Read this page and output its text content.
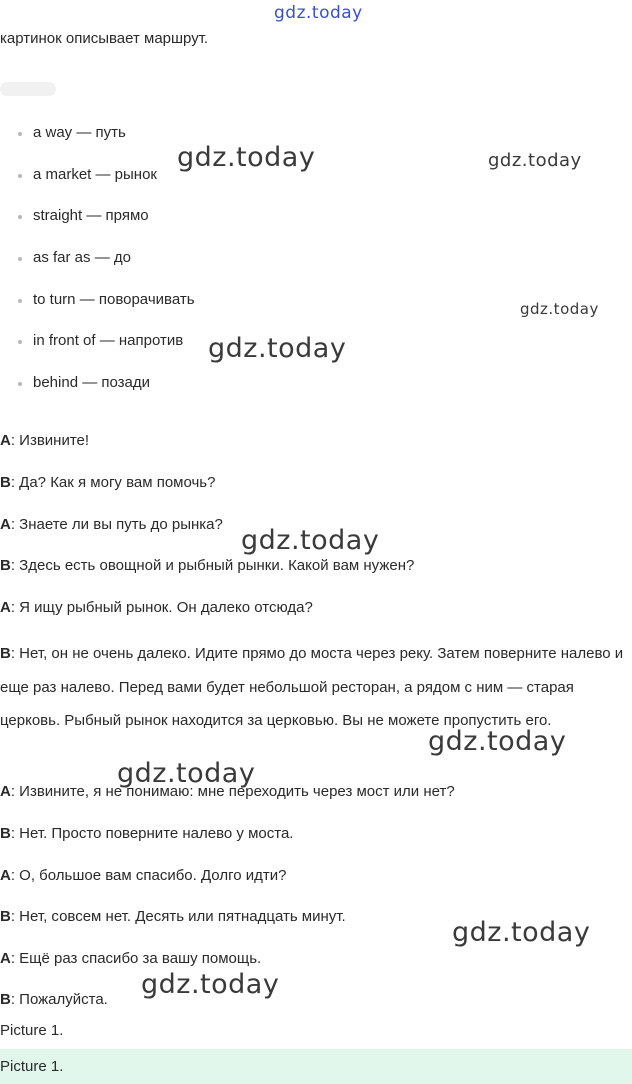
gdz.today
gdz.today	gdz.today
gdz.today
gdz.today
gdz.today
gdz.today
gdz.today
gdz.today
gdz.today
картинок описывает маршрут.
a way — путь
a market — рынок
straight — прямо
as far as — до
to turn — поворачивать
in front of — напротив
behind — позади
A: Извините!
B: Да? Как я могу вам помочь?
A: Знаете ли вы путь до рынка?
B: Здесь есть овощной и рыбный рынки. Какой вам нужен?
A: Я ищу рыбный рынок. Он далеко отсюда?
B: Нет, он не очень далеко. Идите прямо до моста через реку. Затем поверните налево и еще раз налево. Перед вами будет небольшой ресторан, а рядом с ним — старая церковь. Рыбный рынок находится за церковью. Вы не можете пропустить его.
A: Извините, я не понимаю: мне переходить через мост или нет?
B: Нет. Просто поверните налево у моста.
A: О, большое вам спасибо. Долго идти?
B: Нет, совсем нет. Десять или пятнадцать минут.
A: Ещё раз спасибо за вашу помощь.
B: Пожалуйста.
Picture 1.
Picture 1.
